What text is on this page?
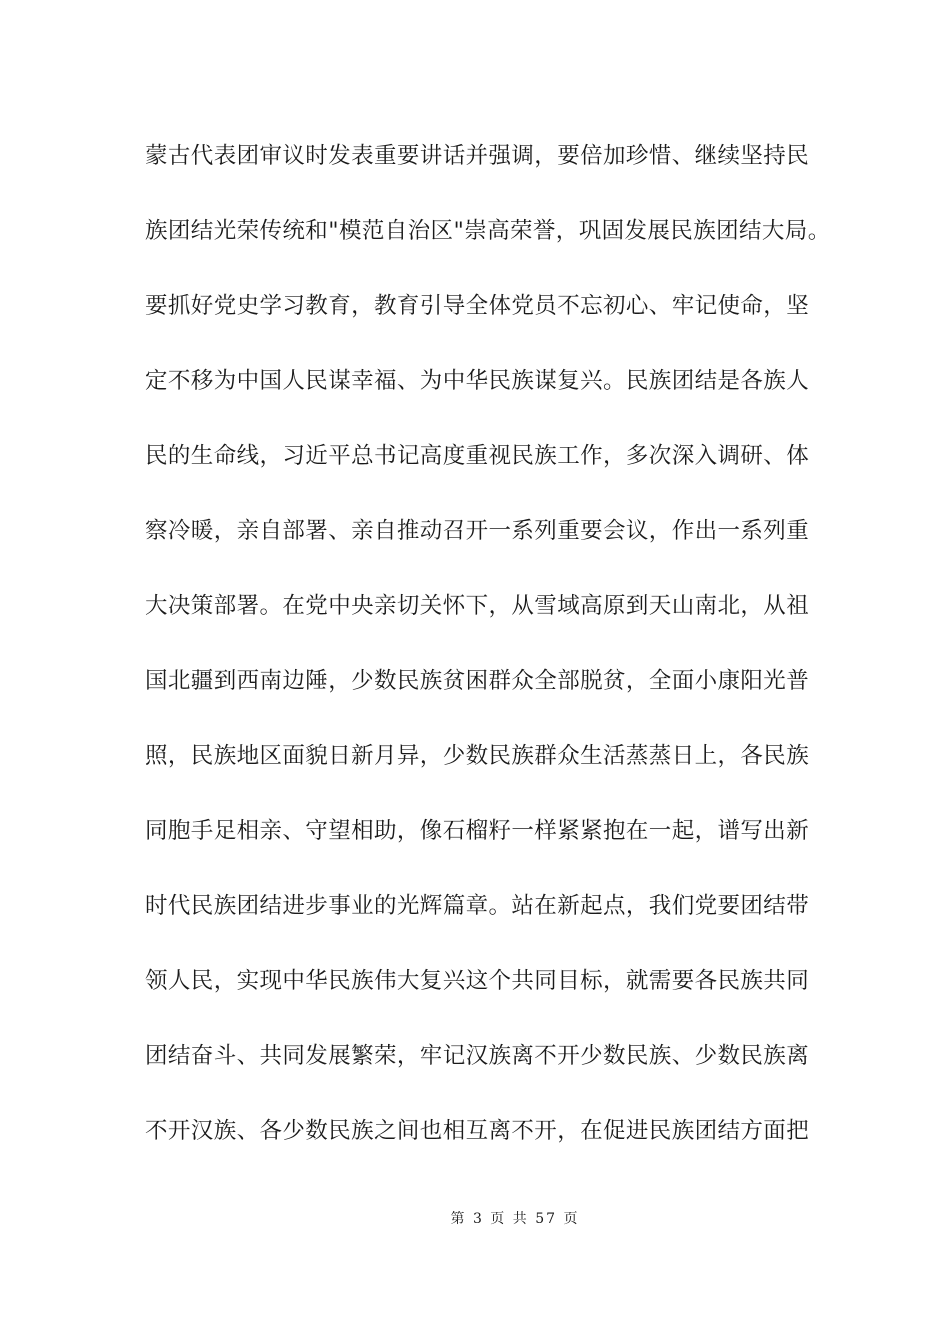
蒙古代表团审议时发表重要讲话并强调，要倍加珍惜、继续坚持民
族团结光荣传统和"模范自治区"崇高荣誉，巩固发展民族团结大局。
要抓好党史学习教育，教育引导全体党员不忘初心、牢记使命，坚
定不移为中国人民谋幸福、为中华民族谋复兴。民族团结是各族人
民的生命线，习近平总书记高度重视民族工作，多次深入调研、体
察冷暖，亲自部署、亲自推动召开一系列重要会议，作出一系列重
大决策部署。在党中央亲切关怀下，从雪域高原到天山南北，从祖
国北疆到西南边陲，少数民族贫困群众全部脱贫，全面小康阳光普
照，民族地区面貌日新月异，少数民族群众生活蒸蒸日上，各民族
同胞手足相亲、守望相助，像石榴籽一样紧紧抱在一起，谱写出新
时代民族团结进步事业的光辉篇章。站在新起点，我们党要团结带
领人民，实现中华民族伟大复兴这个共同目标，就需要各民族共同
团结奋斗、共同发展繁荣，牢记汉族离不开少数民族、少数民族离
不开汉族、各少数民族之间也相互离不开，在促进民族团结方面把
第 3 页 共 57 页
